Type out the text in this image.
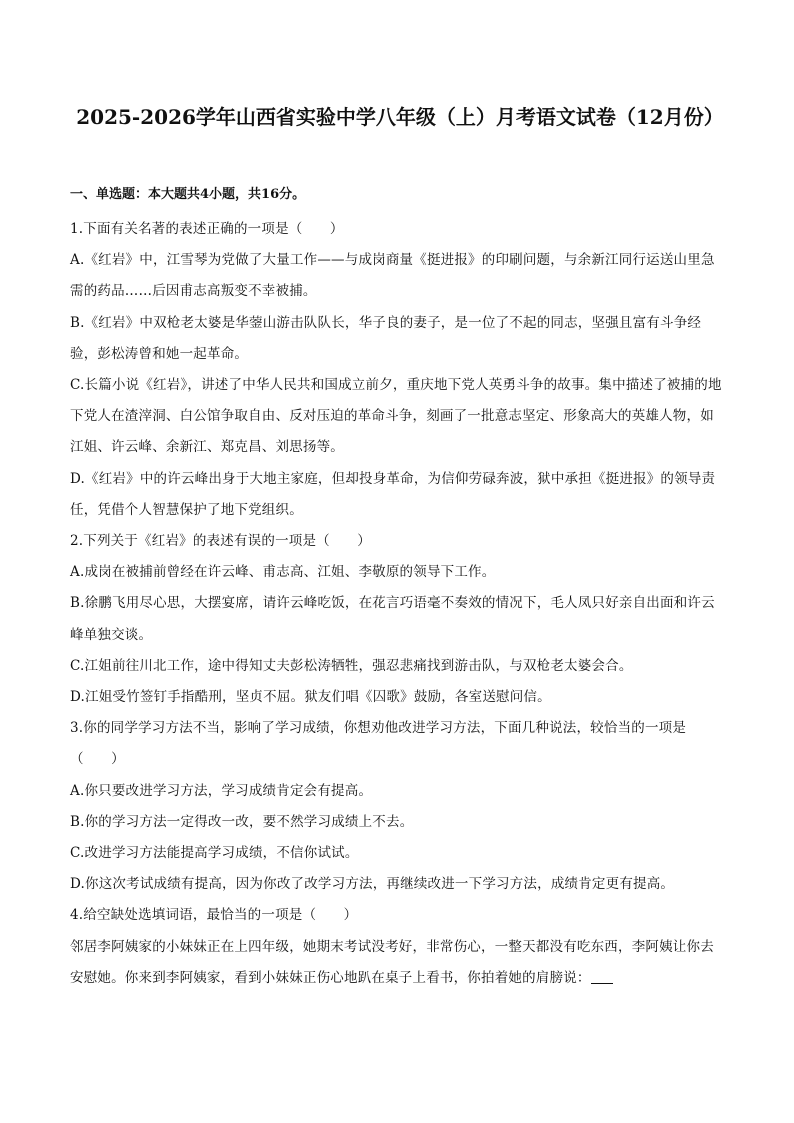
2025-2026学年山西省实验中学八年级（上）月考语文试卷（12月份）
一、单选题：本大题共4小题，共16分。

1.下面有关名著的表述正确的一项是（　　）

A.《红岩》中，江雪琴为党做了大量工作——与成岗商量《挺进报》的印刷问题，与余新江同行运送山里急需的药品……后因甫志高叛变不幸被捕。

B.《红岩》中双枪老太婆是华蓥山游击队队长，华子良的妻子，是一位了不起的同志，坚强且富有斗争经验，彭松涛曾和她一起革命。

C.长篇小说《红岩》，讲述了中华人民共和国成立前夕，重庆地下党人英勇斗争的故事。集中描述了被捕的地下党人在渣滓洞、白公馆争取自由、反对压迫的革命斗争，刻画了一批意志坚定、形象高大的英雄人物，如江姐、许云峰、余新江、郑克昌、刘思扬等。

D.《红岩》中的许云峰出身于大地主家庭，但却投身革命，为信仰劳碌奔波，狱中承担《挺进报》的领导责任，凭借个人智慧保护了地下党组织。

2.下列关于《红岩》的表述有误的一项是（　　）

A.成岗在被捕前曾经在许云峰、甫志高、江姐、李敬原的领导下工作。

B.徐鹏飞用尽心思，大摆宴席，请许云峰吃饭，在花言巧语毫不奏效的情况下，毛人凤只好亲自出面和许云峰单独交谈。

C.江姐前往川北工作，途中得知丈夫彭松涛牺牲，强忍悲痛找到游击队，与双枪老太婆会合。

D.江姐受竹签钉手指酷刑，坚贞不屈。狱友们唱《囚歌》鼓励，各室送慰问信。

3.你的同学学习方法不当，影响了学习成绩，你想劝他改进学习方法，下面几种说法，较恰当的一项是（　　）

A.你只要改进学习方法，学习成绩肯定会有提高。

B.你的学习方法一定得改一改，要不然学习成绩上不去。

C.改进学习方法能提高学习成绩，不信你试试。

D.你这次考试成绩有提高，因为你改了改学习方法，再继续改进一下学习方法，成绩肯定更有提高。

4.给空缺处选填词语，最恰当的一项是（　　）

邻居李阿姨家的小妹妹正在上四年级，她期末考试没考好，非常伤心，一整天都没有吃东西，李阿姨让你去安慰她。你来到李阿姨家，看到小妹妹正伤心地趴在桌子上看书，你拍着她的肩膀说：
